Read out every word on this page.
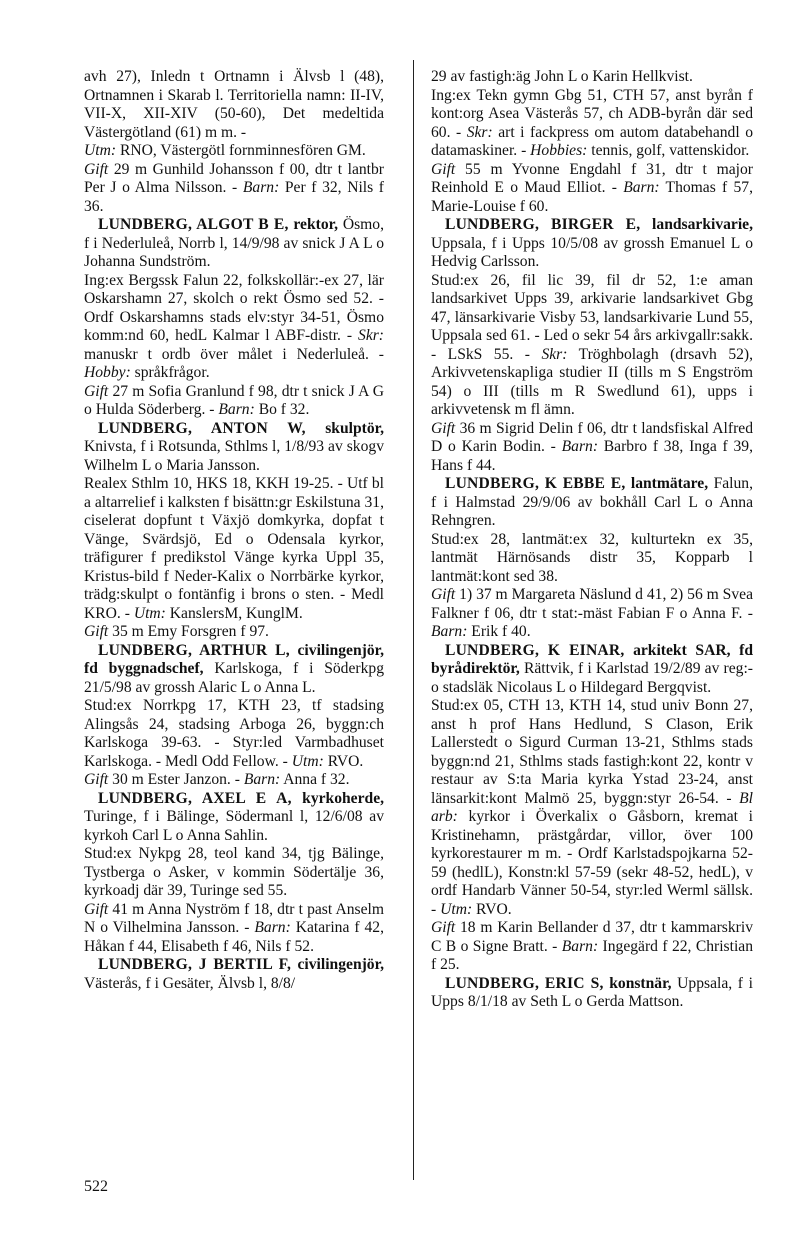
avh 27), Inledn t Ortnamn i Älvsb l (48), Ortnamnen i Skarab l. Territoriella namn: II-IV, VII-X, XII-XIV (50-60), Det medeltida Västergötland (61) m m. -

Utm: RNO, Västergötl fornminnesfören GM.

Gift 29 m Gunhild Johansson f 00, dtr t lantbr Per J o Alma Nilsson. - Barn: Per f 32, Nils f 36.

LUNDBERG, ALGOT B E, rektor, Ösmo, f i Nederluleå, Norrb l, 14/9/98 av snick J A L o Johanna Sundström.

Ing:ex Bergssk Falun 22, folkskollär:-ex 27, lär Oskarshamn 27, skolch o rekt Ösmo sed 52. - Ordf Oskarshamns stads elv:styr 34-51, Ösmo komm:nd 60, hedL Kalmar l ABF-distr. - Skr: manuskr t ordb över målet i Nederluleå. - Hobby: språkfrågor.

Gift 27 m Sofia Granlund f 98, dtr t snick J A G o Hulda Söderberg. - Barn: Bo f 32.

LUNDBERG, ANTON W, skulptör, Knivsta, f i Rotsunda, Sthlms l, 1/8/93 av skogv Wilhelm L o Maria Jansson.

Realex Sthlm 10, HKS 18, KKH 19-25. - Utf bl a altarrelief i kalksten f bisättn:gr Eskilstuna 31, ciselerat dopfunt t Växjö domkyrka, dopfat t Vänge, Svärdsjö, Ed o Odensala kyrkor, träfigurer f predikstol Vänge kyrka Uppl 35, Kristus-bild f Neder-Kalix o Norrbärke kyrkor, trädg:skulpt o fontänfig i brons o sten. - Medl KRO. - Utm: KanslersM, KunglM.

Gift 35 m Emy Forsgren f 97.

LUNDBERG, ARTHUR L, civilingenjör, fd byggnadschef, Karlskoga, f i Söderkpg 21/5/98 av grossh Alaric L o Anna L.

Stud:ex Norrkpg 17, KTH 23, tf stadsing Alingsås 24, stadsing Arboga 26, byggn:ch Karlskoga 39-63. - Styr:led Varmbadhuset Karlskoga. - Medl Odd Fellow. - Utm: RVO.

Gift 30 m Ester Janzon. - Barn: Anna f 32.

LUNDBERG, AXEL E A, kyrkoherde, Turinge, f i Bälinge, Södermanl l, 12/6/08 av kyrkoh Carl L o Anna Sahlin.

Stud:ex Nykpg 28, teol kand 34, tjg Bälinge, Tystberga o Asker, v kommin Södertälje 36, kyrkoadj där 39, Turinge sed 55.

Gift 41 m Anna Nyström f 18, dtr t past Anselm N o Vilhelmina Jansson. - Barn: Katarina f 42, Håkan f 44, Elisabeth f 46, Nils f 52.

LUNDBERG, J BERTIL F, civilingenjör, Västerås, f i Gesäter, Älvsb l, 8/8/

29 av fastigh:äg John L o Karin Hellkvist.

Ing:ex Tekn gymn Gbg 51, CTH 57, anst byrån f kont:org Asea Västerås 57, ch ADB-byrån där sed 60. - Skr: art i fackpress om autom databehandl o datamaskiner. - Hobbies: tennis, golf, vattenskidor.

Gift 55 m Yvonne Engdahl f 31, dtr t major Reinhold E o Maud Elliot. - Barn: Thomas f 57, Marie-Louise f 60.

LUNDBERG, BIRGER E, landsarkivarie, Uppsala, f i Upps 10/5/08 av grossh Emanuel L o Hedvig Carlsson.

Stud:ex 26, fil lic 39, fil dr 52, 1:e aman landsarkivet Upps 39, arkivarie landsarkivet Gbg 47, länsarkivarie Visby 53, landsarkivarie Lund 55, Uppsala sed 61. - Led o sekr 54 års arkivgallr:sakk. - LSkS 55. - Skr: Tröghbolagh (drsavh 52), Arkivvetenskapliga studier II (tills m S Engström 54) o III (tills m R Swedlund 61), upps i arkivvetensk m fl ämn.

Gift 36 m Sigrid Delin f 06, dtr t landsfiskal Alfred D o Karin Bodin. - Barn: Barbro f 38, Inga f 39, Hans f 44.

LUNDBERG, K EBBE E, lantmätare, Falun, f i Halmstad 29/9/06 av bokhåll Carl L o Anna Rehngren.

Stud:ex 28, lantmät:ex 32, kulturtekn ex 35, lantmät Härnösands distr 35, Kopparb l lantmät:kont sed 38.

Gift 1) 37 m Margareta Näslund d 41, 2) 56 m Svea Falkner f 06, dtr t stat:-mäst Fabian F o Anna F. - Barn: Erik f 40.

LUNDBERG, K EINAR, arkitekt SAR, fd byrådirektör, Rättvik, f i Karlstad 19/2/89 av reg:- o stadsläk Nicolaus L o Hildegard Bergqvist.

Stud:ex 05, CTH 13, KTH 14, stud univ Bonn 27, anst h prof Hans Hedlund, S Clason, Erik Lallerstedt o Sigurd Curman 13-21, Sthlms stads byggn:nd 21, Sthlms stads fastigh:kont 22, kontr v restaur av S:ta Maria kyrka Ystad 23-24, anst länsarkit:kont Malmö 25, byggn:styr 26-54. - Bl arb: kyrkor i Överkalix o Gåsborn, kremat i Kristinehamn, prästgårdar, villor, över 100 kyrkorestaurer m m. - Ordf Karlstadspojkarna 52-59 (hedlL), Konstn:kl 57-59 (sekr 48-52, hedL), v ordf Handarb Vänner 50-54, styr:led Werml sällsk. - Utm: RVO.

Gift 18 m Karin Bellander d 37, dtr t kammarskriv C B o Signe Bratt. - Barn: Ingegärd f 22, Christian f 25.

LUNDBERG, ERIC S, konstnär, Uppsala, f i Upps 8/1/18 av Seth L o Gerda Mattson.

522
